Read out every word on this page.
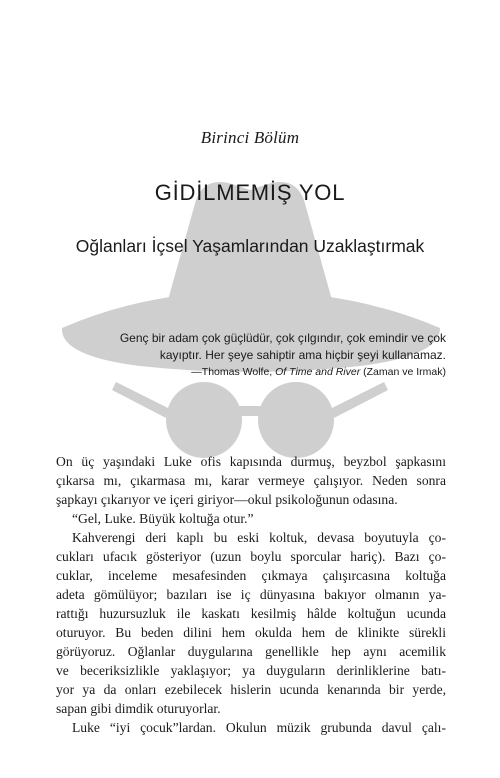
Birinci Bölüm
GİDİLMEMİŞ YOL
Oğlanları İçsel Yaşamlarından Uzaklaştırmak
Genç bir adam çok güçlüdür, çok çılgındır, çok emindir ve çok
kayıptır. Her şeye sahiptir ama hiçbir şeyi kullanamaz.
—Thomas Wolfe, Of Time and River (Zaman ve Irmak)
On üç yaşındaki Luke ofis kapısında durmuş, beyzbol şapkasını
çıkarsa mı, çıkarmasa mı, karar vermeye çalışıyor. Neden sonra
şapkayı çıkarıyor ve içeri giriyor—okul psikoloğunun odasına.
“Gel, Luke. Büyük koltuğa otur.”
Kahverengi deri kaplı bu eski koltuk, devasa boyutuyla ço-
cukları ufacık gösteriyor (uzun boylu sporcular hariç). Bazı ço-
cuklar, inceleme mesafesinden çıkmaya çalışırcasına koltuğa
adeta gömülüyor; bazıları ise iç dünyasına bakıyor olmanın ya-
rattığı huzursuzluk ile kaskatı kesilmiş hâlde koltuğun ucunda
oturuyor. Bu beden dilini hem okulda hem de klinikte sürekli
görüyoruz. Oğlanlar duygularına genellikle hep aynı acemilik
ve beceriksizlikle yaklaşıyor; ya duyguların derinliklerine batı-
yor ya da onları ezebilecek hislerin ucunda kenarında bir yerde,
sapan gibi dimdik oturuyorlar.
Luke “iyi çocuk”lardan. Okulun müzik grubunda davul çalı-
